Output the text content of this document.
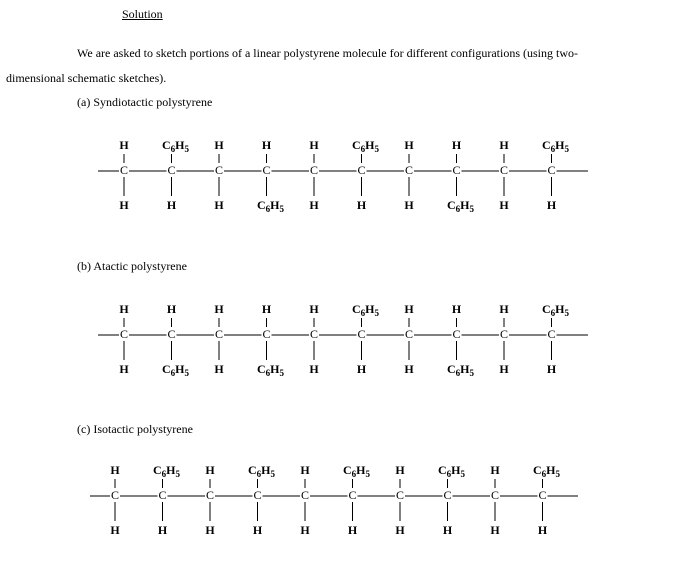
Solution
We are asked to sketch portions of a linear polystyrene molecule for different configurations (using two-
dimensional schematic sketches).
(a) Syndiotactic polystyrene
C
H
H
C
$C_6H_5$
H
C
H
H
C
H
$C_6H_5$
C
H
H
C
$C_6H_5$
H
C
H
H
C
H
$C_6H_5$
C
H
H
C
$C_6H_5$
H
(b) Atactic polystyrene
C
H
H
C
H
$C_6H_5$
C
H
H
C
H
$C_6H_5$
C
H
H
C
$C_6H_5$
H
C
H
H
C
H
$C_6H_5$
C
H
H
C
$C_6H_5$
H
(c) Isotactic polystyrene
C
H
H
C
$C_6H_5$
H
C
H
H
C
$C_6H_5$
H
C
H
H
C
$C_6H_5$
H
C
H
H
C
$C_6H_5$
H
C
H
H
C
$C_6H_5$
H
